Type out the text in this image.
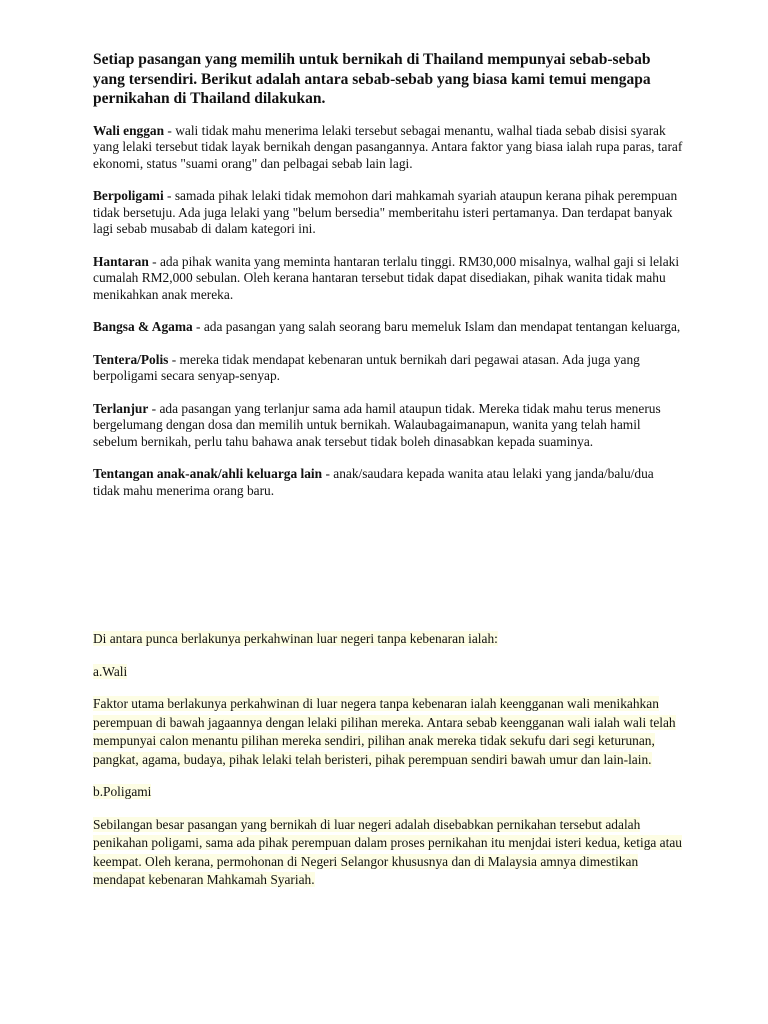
Setiap pasangan yang memilih untuk bernikah di Thailand mempunyai sebab-sebab yang tersendiri. Berikut adalah antara sebab-sebab yang biasa kami temui mengapa pernikahan di Thailand dilakukan.

Wali enggan - wali tidak mahu menerima lelaki tersebut sebagai menantu, walhal tiada sebab disisi syarak yang lelaki tersebut tidak layak bernikah dengan pasangannya. Antara faktor yang biasa ialah rupa paras, taraf ekonomi, status "suami orang" dan pelbagai sebab lain lagi.

Berpoligami - samada pihak lelaki tidak memohon dari mahkamah syariah ataupun kerana pihak perempuan tidak bersetuju. Ada juga lelaki yang "belum bersedia" memberitahu isteri pertamanya. Dan terdapat banyak lagi sebab musabab di dalam kategori ini.

Hantaran - ada pihak wanita yang meminta hantaran terlalu tinggi. RM30,000 misalnya, walhal gaji si lelaki cumalah RM2,000 sebulan. Oleh kerana hantaran tersebut tidak dapat disediakan, pihak wanita tidak mahu menikahkan anak mereka.

Bangsa & Agama - ada pasangan yang salah seorang baru memeluk Islam dan mendapat tentangan keluarga,

Tentera/Polis - mereka tidak mendapat kebenaran untuk bernikah dari pegawai atasan. Ada juga yang berpoligami secara senyap-senyap.

Terlanjur - ada pasangan yang terlanjur sama ada hamil ataupun tidak. Mereka tidak mahu terus menerus bergelumang dengan dosa dan memilih untuk bernikah. Walaubagaimanapun, wanita yang telah hamil sebelum bernikah, perlu tahu bahawa anak tersebut tidak boleh dinasabkan kepada suaminya.

Tentangan anak-anak/ahli keluarga lain - anak/saudara kepada wanita atau lelaki yang janda/balu/dua tidak mahu menerima orang baru.

Di antara punca berlakunya perkahwinan luar negeri tanpa kebenaran ialah:

a.Wali

Faktor utama berlakunya perkahwinan di luar negera tanpa kebenaran ialah keengganan wali menikahkan perempuan di bawah jagaannya dengan lelaki pilihan mereka. Antara sebab keengganan wali ialah wali telah mempunyai calon menantu pilihan mereka sendiri, pilihan anak mereka tidak sekufu dari segi keturunan, pangkat, agama, budaya, pihak lelaki telah beristeri, pihak perempuan sendiri bawah umur dan lain-lain.

b.Poligami

Sebilangan besar pasangan yang bernikah di luar negeri adalah disebabkan pernikahan tersebut adalah penikahan poligami, sama ada pihak perempuan dalam proses pernikahan itu menjdai isteri kedua, ketiga atau keempat. Oleh kerana, permohonan di Negeri Selangor khususnya dan di Malaysia amnya dimestikan mendapat kebenaran Mahkamah Syariah.
